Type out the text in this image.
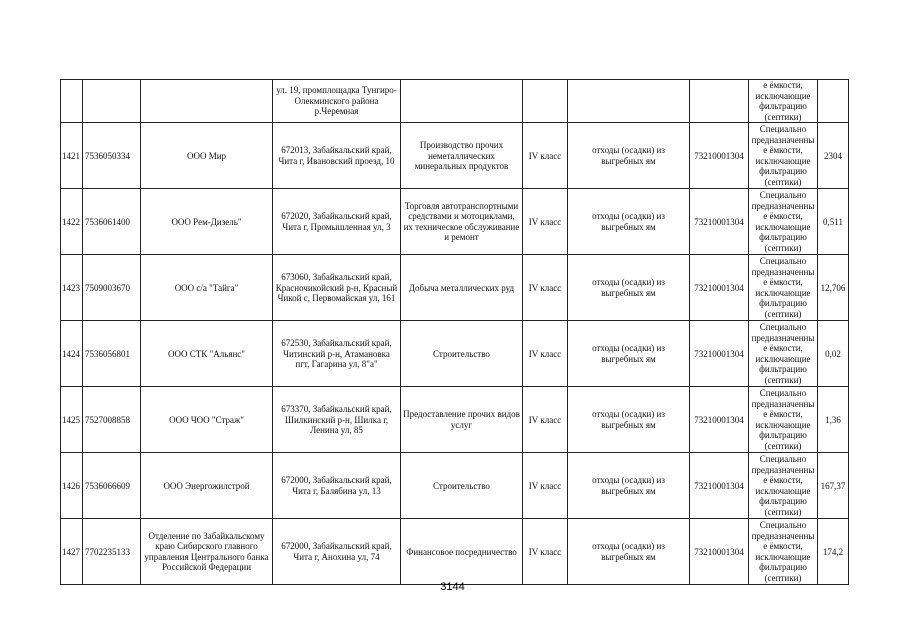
			ул. 19, промплощадка Тунгиро- Олекминского района р.Черемная					е ёмкости, исключающие фильтрацию (септики)	
1421	7536050334	ООО Мир	672013, Забайкальский край, Чита г, Ивановский проезд, 10	Производство прочих неметаллических минеральных продуктов	IV класс	отходы (осадки) из выгребных ям	73210001304	Специально предназначенны е ёмкости, исключающие фильтрацию (септики)	2304
1422	7536061400	ООО Рем-Дизель"	672020, Забайкальский край, Чита г, Промышленная ул, 3	Торговля автотранспортными средствами и мотоциклами, их техническое обслуживание и ремонт	IV класс	отходы (осадки) из выгребных ям	73210001304	Специально предназначенны е ёмкости, исключающие фильтрацию (септики)	0,511
1423	7509003670	ООО с/а "Тайга"	673060, Забайкальский край, Красночикойский р-н, Красный Чикой с, Первомайская ул, 161	Добыча металлических руд	IV класс	отходы (осадки) из выгребных ям	73210001304	Специально предназначенны е ёмкости, исключающие фильтрацию (септики)	12,706
1424	7536056801	ООО СТК "Альянс"	672530, Забайкальский край, Читинский р-н, Атамановка пгт, Гагарина ул, 8"а"	Строительство	IV класс	отходы (осадки) из выгребных ям	73210001304	Специально предназначенны е ёмкости, исключающие фильтрацию (септики)	0,02
1425	7527008858	ООО ЧОО "Страж"	673370, Забайкальский край, Шилкинский р-н, Шилка г, Ленина ул, 85	Предоставление прочих видов услуг	IV класс	отходы (осадки) из выгребных ям	73210001304	Специально предназначенны е ёмкости, исключающие фильтрацию (септики)	1,36
1426	7536066609	ООО Энергожилстрой	672000, Забайкальский край, Чита г, Балябина ул, 13	Строительство	IV класс	отходы (осадки) из выгребных ям	73210001304	Специально предназначенны е ёмкости, исключающие фильтрацию (септики)	167,37
1427	7702235133	Отделение по Забайкальскому краю Сибирского главного управления Центрального банка Российской Федерации	672000, Забайкальский край, Чита г, Анохина ул, 74	Финансовое посредничество	IV класс	отходы (осадки) из выгребных ям	73210001304	Специально предназначенны е ёмкости, исключающие фильтрацию (септики)	174,2
3144
